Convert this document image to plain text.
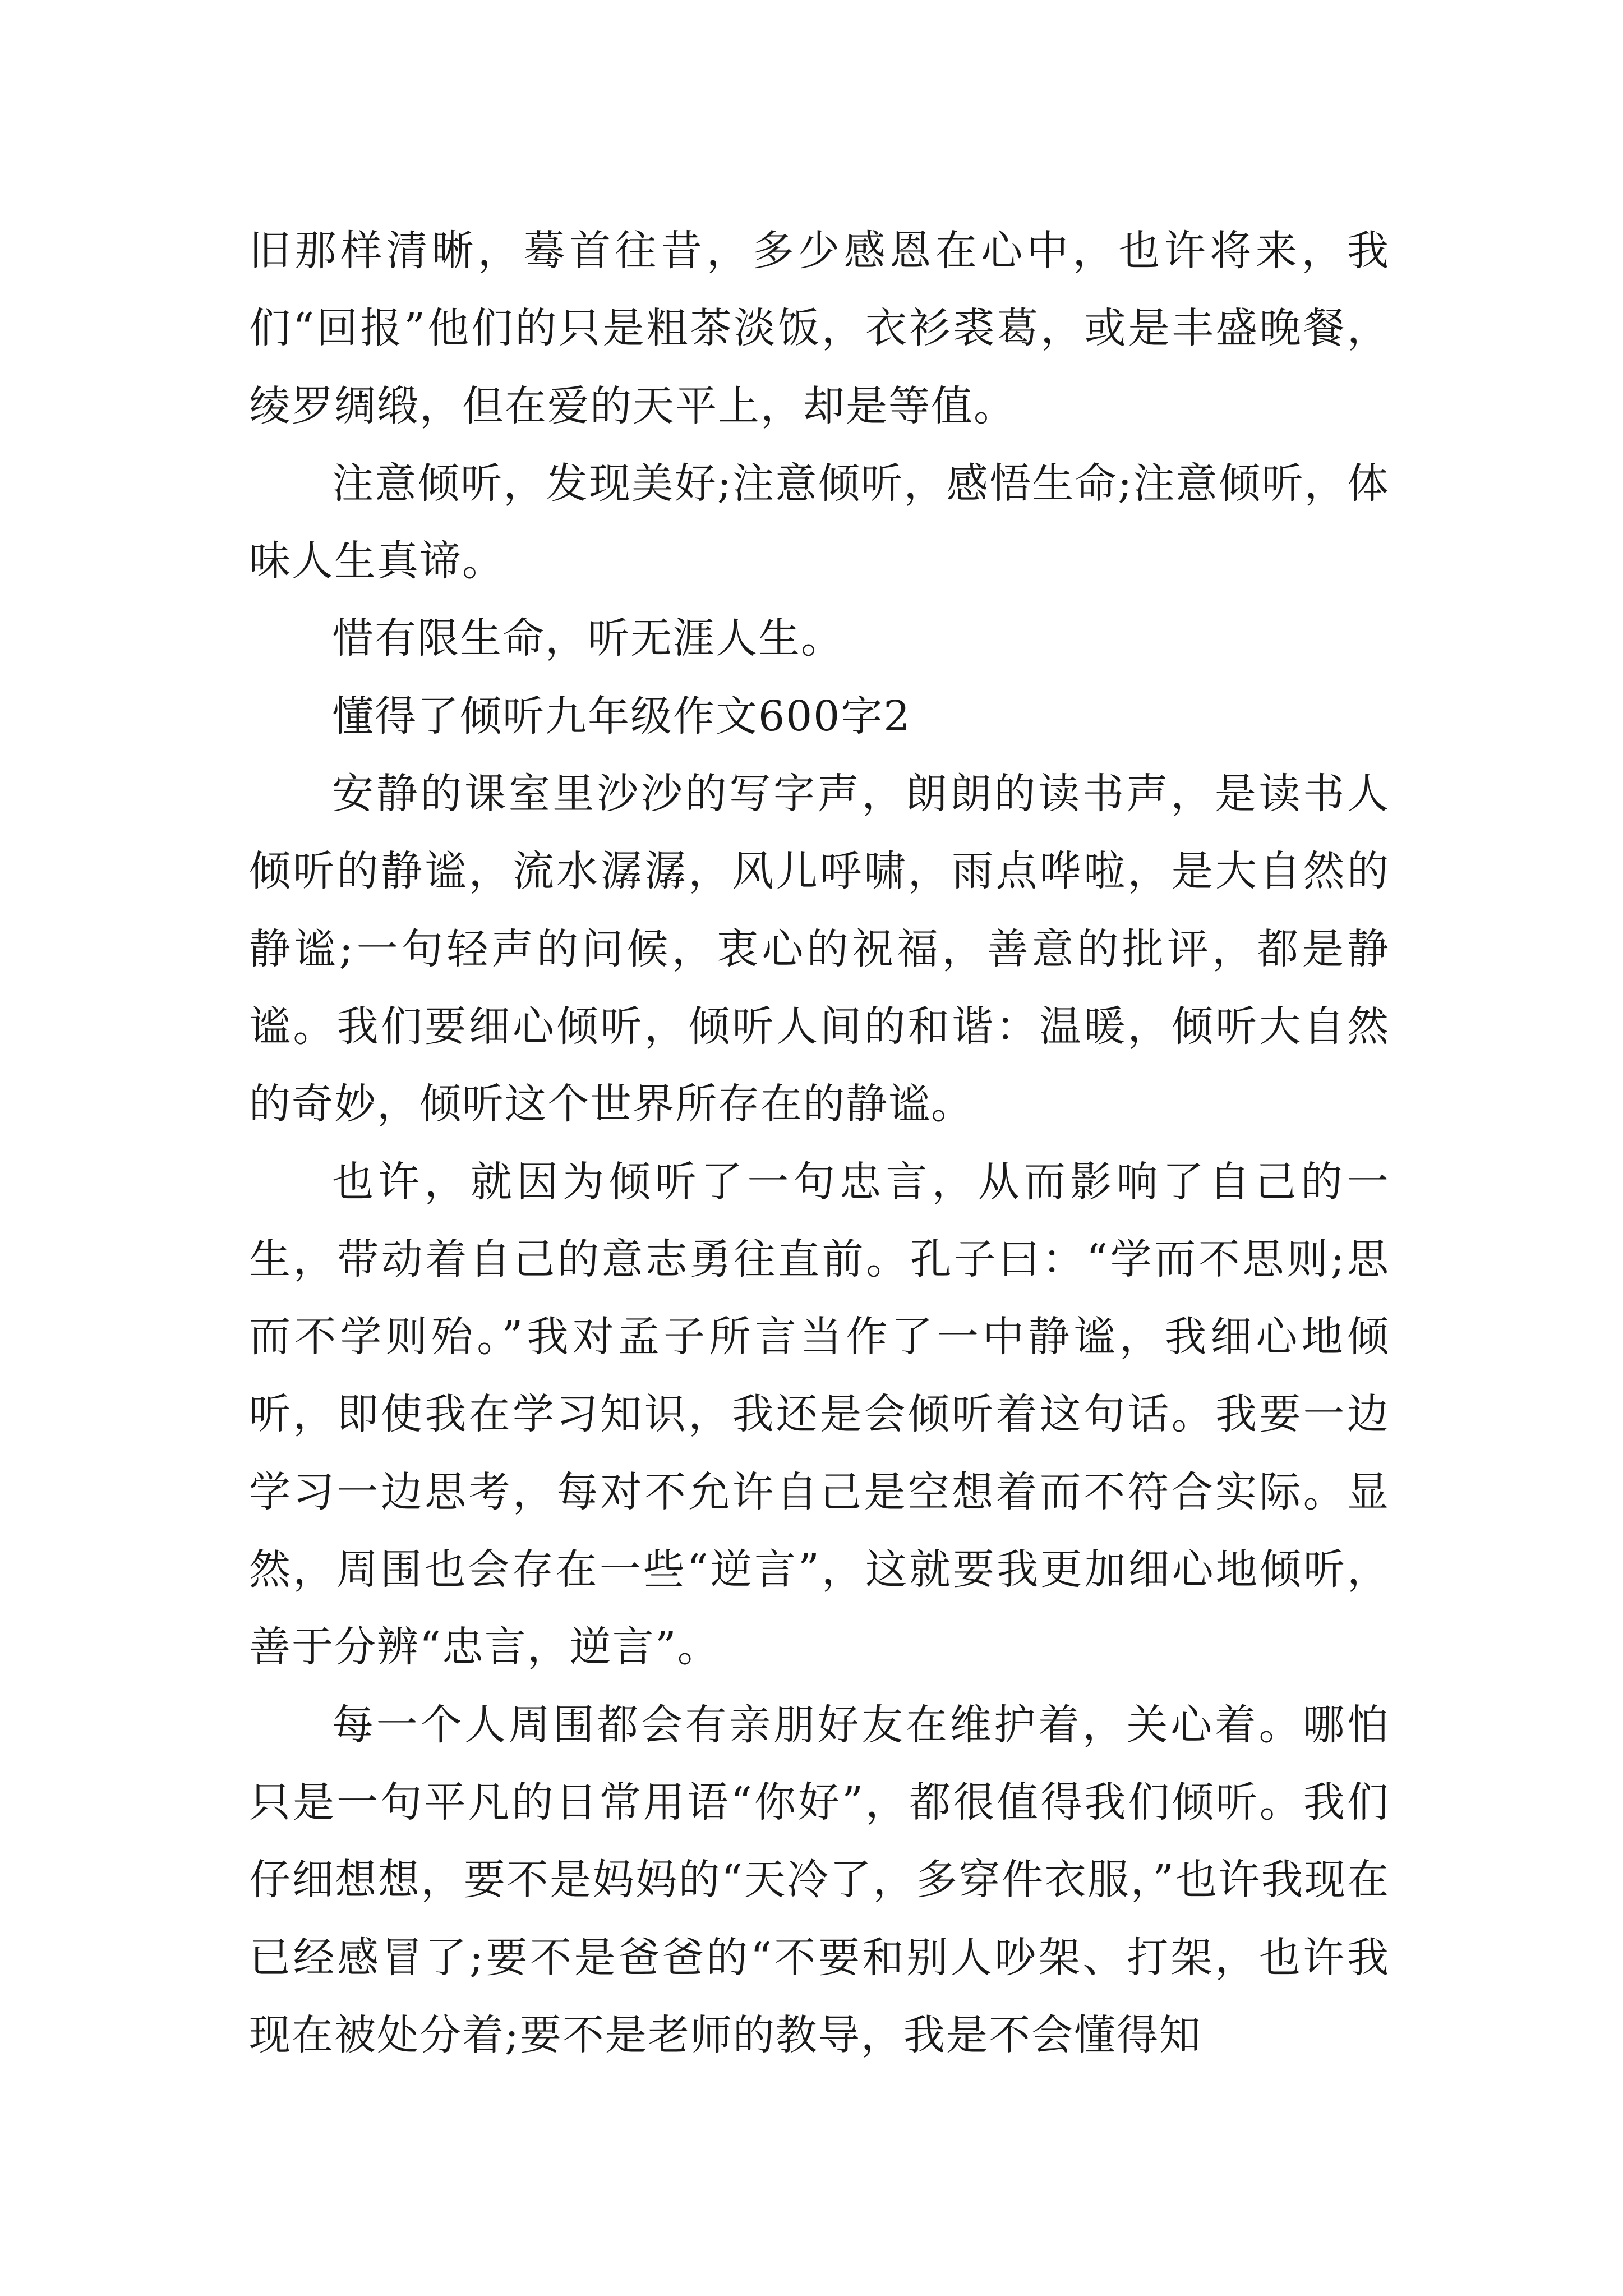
旧那样清晰，蓦首往昔，多少感恩在心中，也许将来，我们“回报”他们的只是粗茶淡饭，衣衫裘葛，或是丰盛晚餐，绫罗绸缎，但在爱的天平上，却是等值。

注意倾听，发现美好;注意倾听，感悟生命;注意倾听，体味人生真谛。

惜有限生命，听无涯人生。

懂得了倾听九年级作文600字2

安静的课室里沙沙的写字声，朗朗的读书声，是读书人倾听的静谧，流水潺潺，风儿呼啸，雨点哗啦，是大自然的静谧;一句轻声的问候，衷心的祝福，善意的批评，都是静谧。我们要细心倾听，倾听人间的和谐：温暖，倾听大自然的奇妙，倾听这个世界所存在的静谧。

也许，就因为倾听了一句忠言，从而影响了自己的一生，带动着自己的意志勇往直前。孔子曰：“学而不思则;思而不学则殆。”我对孟子所言当作了一中静谧，我细心地倾听，即使我在学习知识，我还是会倾听着这句话。我要一边学习一边思考，每对不允许自己是空想着而不符合实际。显然，周围也会存在一些“逆言”，这就要我更加细心地倾听，善于分辨“忠言，逆言”。

每一个人周围都会有亲朋好友在维护着，关心着。哪怕只是一句平凡的日常用语“你好”，都很值得我们倾听。我们仔细想想，要不是妈妈的“天冷了，多穿件衣服，”也许我现在已经感冒了;要不是爸爸的“不要和别人吵架、打架，也许我现在被处分着;要不是老师的教导，我是不会懂得知
